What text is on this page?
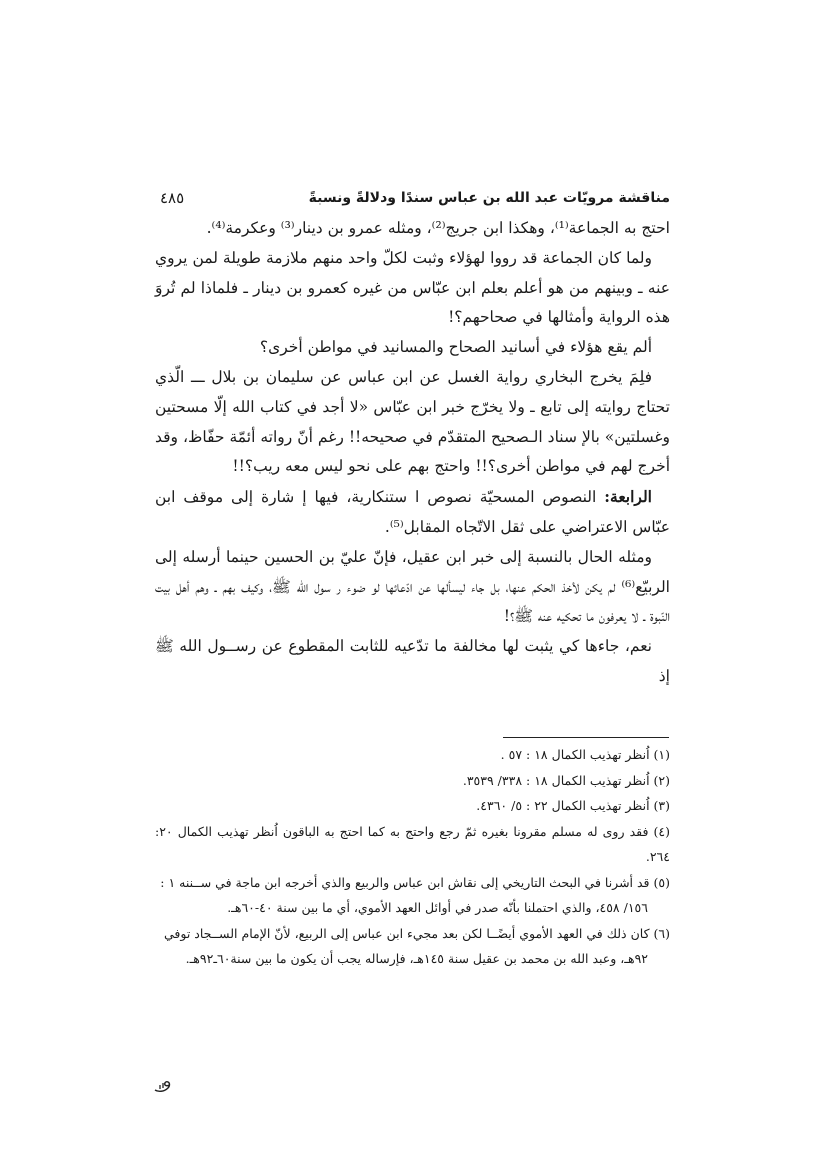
مناقشة مرويّات عبد الله بن عباس سندًا ودلالةً ونسبةً
٤٨٥

احتج به الجماعة⁽¹⁾، وهكذا ابن جريج⁽²⁾، ومثله عمرو بن دينار⁽³⁾ وعكرمة⁽⁴⁾.

ولما كان الجماعة قد رووا لهؤلاء وثبت لكلّ واحد منهم ملازمة طويلة لمن يروي عنه ـ وبينهم من هو أعلم بعلم ابن عبّاس من غيره كعمرو بن دينار ـ فلماذا لم تُروَ هذه الرواية وأمثالها في صحاحهم؟!

ألم يقع هؤلاء في أسانيد الصحاح والمسانيد في مواطن أخرى؟

فلِمَ يخرج البخاري رواية الغسل عن ابن عباس عن سليمان بن بلال ـــ الّذي تحتاج روايته إلى تابع ـ ولا يخرّج خبر ابن عبّاس «لا أجد في كتاب الله إلّا مسحتين وغسلتين» بالإ سناد الـصحيح المتقدّم في صحيحه!! رغم أنّ رواته أئمّة حفّاظ، وقد أخرج لهم في مواطن أخرى؟!! واحتج بهم على نحو ليس معه ريب؟!!

الرابعة: النصوص المسحيّة نصوص ا ستنكارية، فيها إ شارة إلى موقف ابن عبّاس الاعتراضي على ثقل الاتّجاه المقابل⁽⁵⁾.

ومثله الحال بالنسبة إلى خبر ابن عقيل، فإنّ عليّ بن الحسين حينما أرسله إلى الربيّع⁽⁶⁾ لم يكن لأخذ الحكم عنها، بل جاء ليسألها عن ادّعائها لو ضوء ر سول الله ﷺ، وكيف بهم ـ وهم أهل بيت النّبوة ـ لا يعرفون ما تحكيه عنه ﷺ؟!

نعم، جاءها كي يثبت لها مخالفة ما تدّعيه للثابت المقطوع عن رســول الله ﷺ إذ

(١) اُنظر تهذيب الكمال ١٨ : ٥٧ .

(٢) اُنظر تهذيب الكمال ١٨ : ٣٣٨/ ٣٥٣٩.

(٣) اُنظر تهذيب الكمال ٢٢ : ٥/ ٤٣٦٠.

(٤) فقد روى له مسلم مقرونا بغيره ثمّ رجع واحتج به كما احتج به الباقون اُنظر تهذيب الكمال ٢٠: ٢٦٤.

(٥) قد أشرنا في البحث التاريخي إلى نقاش ابن عباس والربيع والذي أخرجه ابن ماجة في ســننه ١ :

١٥٦/ ٤٥٨، والذي احتملنا بأنّه صدر في أوائل العهد الأموي، أي ما بين سنة ٤٠-٦٠هـ.

(٦) كان ذلك في العهد الأموي أيضًــا لكن بعد مجيء ابن عباس إلى الربيع، لأنّ الإمام الســجاد توفي

٩٢هـ، وعبد الله بن محمد بن عقيل سنة ١٤٥هـ، فإرساله يجب أن يكون ما بين سنة٦٠ـ٩٢هـ.
